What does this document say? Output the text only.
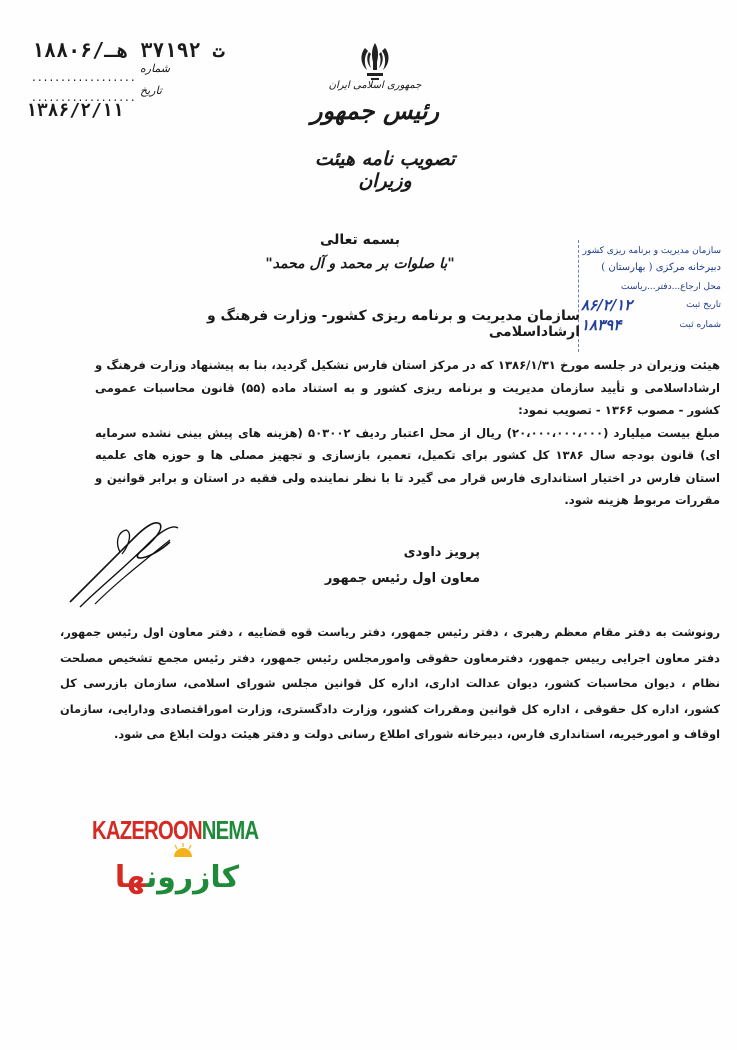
۱۸۸۰۶/ت ۳۷۱۹۲ هـ
شماره
..................
تاریخ
..................
۱۳۸۶/۲/۱۱
جمهوری اسلامی ایران
رئیس جمهور
تصویب نامه هیئت وزیران
سازمان مدیریت و برنامه ریزی کشور
دبیرخانه مرکزی ( بهارستان )
محل ارجاع...دفتر...ریاست
تاریخ ثبت
شماره ثبت
۸۶/۲/۱۲
۱۸۳۹۴
بسمه تعالی
"با صلوات بر محمد و آل محمد"
سازمان مدیریت و برنامه ریزی کشور- وزارت فرهنگ و ارشاداسلامی

هیئت وزیران در جلسه مورخ ۱۳۸۶/۱/۳۱ که در مرکز استان فارس تشکیل گردید، بنا به پیشنهاد وزارت فرهنگ و ارشاداسلامی و تأیید سازمان مدیریت و برنامه ریزی کشور و به استناد ماده (۵۵) قانون محاسبات عمومی کشور - مصوب ۱۳۶۶ - تصویب نمود:

مبلغ بیست میلیارد (۲۰،۰۰۰،۰۰۰،۰۰۰) ریال از محل اعتبار ردیف ۵۰۳۰۰۲ (هزینه های پیش بینی نشده سرمایه ای) قانون بودجه سال ۱۳۸۶ کل کشور برای تکمیل، تعمیر، بازسازی و تجهیز مصلی ها و حوزه های علمیه استان فارس در اختیار استانداری فارس قرار می گیرد تا با نظر نماینده ولی فقیه در استان و برابر قوانین و مقررات مربوط هزینه شود.

پرویز داودی
معاون اول رئیس جمهور

رونوشت به دفتر مقام معظم رهبری ، دفتر رئیس جمهور، دفتر ریاست قوه قضاییه ، دفتر معاون اول رئیس جمهور، دفتر معاون اجرایی رییس جمهور، دفترمعاون حقوقی وامورمجلس رئیس جمهور، دفتر رئیس مجمع تشخیص مصلحت نظام ، دیوان محاسبات کشور، دیوان عدالت اداری، اداره کل قوانین مجلس شورای اسلامی، سازمان بازرسی کل کشور، اداره کل حقوقی ، اداره کل قوانین ومقررات کشور، وزارت دادگستری، وزارت اموراقتصادی ودارایی، سازمان اوقاف و امورخیریه، استانداری فارس، دبیرخانه شورای اطلاع رسانی دولت و دفتر هیئت دولت ابلاغ می شود.

KAZEROONNEMA
کازرونها
